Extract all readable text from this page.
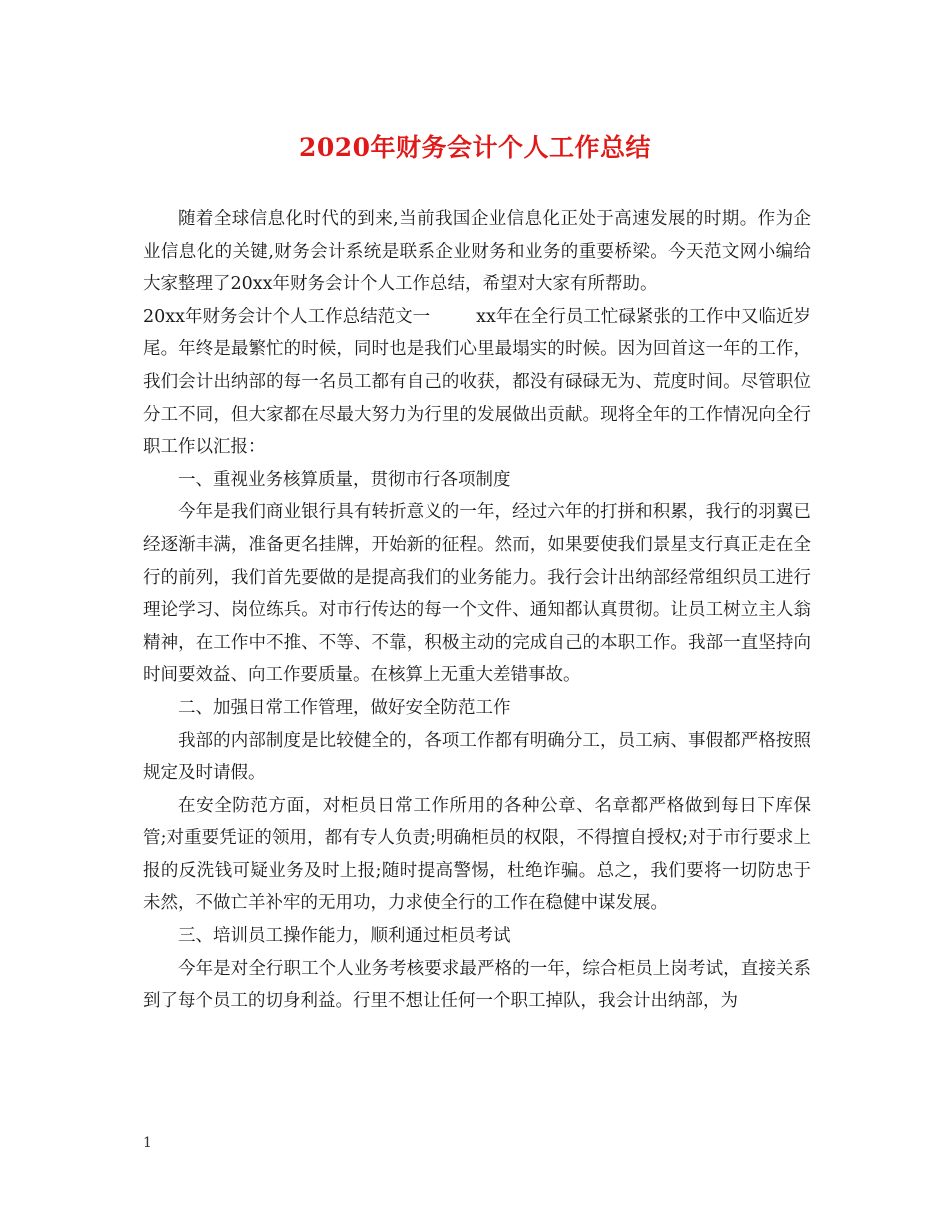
2020年财务会计个人工作总结

随着全球信息化时代的到来,当前我国企业信息化正处于高速发展的时期。作为企业信息化的关键,财务会计系统是联系企业财务和业务的重要桥梁。今天范文网小编给大家整理了20xx年财务会计个人工作总结，希望对大家有所帮助。

20xx年财务会计个人工作总结范文一	xx年在全行员工忙碌紧张的工作中又临近岁尾。年终是最繁忙的时候，同时也是我们心里最塌实的时候。因为回首这一年的工作，我们会计出纳部的每一名员工都有自己的收获，都没有碌碌无为、荒度时间。尽管职位分工不同，但大家都在尽最大努力为行里的发展做出贡献。现将全年的工作情况向全行职工作以汇报：

一、重视业务核算质量，贯彻市行各项制度

今年是我们商业银行具有转折意义的一年，经过六年的打拼和积累，我行的羽翼已经逐渐丰满，准备更名挂牌，开始新的征程。然而，如果要使我们景星支行真正走在全行的前列，我们首先要做的是提高我们的业务能力。我行会计出纳部经常组织员工进行理论学习、岗位练兵。对市行传达的每一个文件、通知都认真贯彻。让员工树立主人翁精神，在工作中不推、不等、不靠，积极主动的完成自己的本职工作。我部一直坚持向时间要效益、向工作要质量。在核算上无重大差错事故。

二、加强日常工作管理，做好安全防范工作

我部的内部制度是比较健全的，各项工作都有明确分工，员工病、事假都严格按照规定及时请假。

在安全防范方面，对柜员日常工作所用的各种公章、名章都严格做到每日下库保管;对重要凭证的领用，都有专人负责;明确柜员的权限，不得擅自授权;对于市行要求上报的反洗钱可疑业务及时上报;随时提高警惕，杜绝诈骗。总之，我们要将一切防忠于未然，不做亡羊补牢的无用功，力求使全行的工作在稳健中谋发展。

三、培训员工操作能力，顺利通过柜员考试

今年是对全行职工个人业务考核要求最严格的一年，综合柜员上岗考试，直接关系到了每个员工的切身利益。行里不想让任何一个职工掉队，我会计出纳部，为

1
